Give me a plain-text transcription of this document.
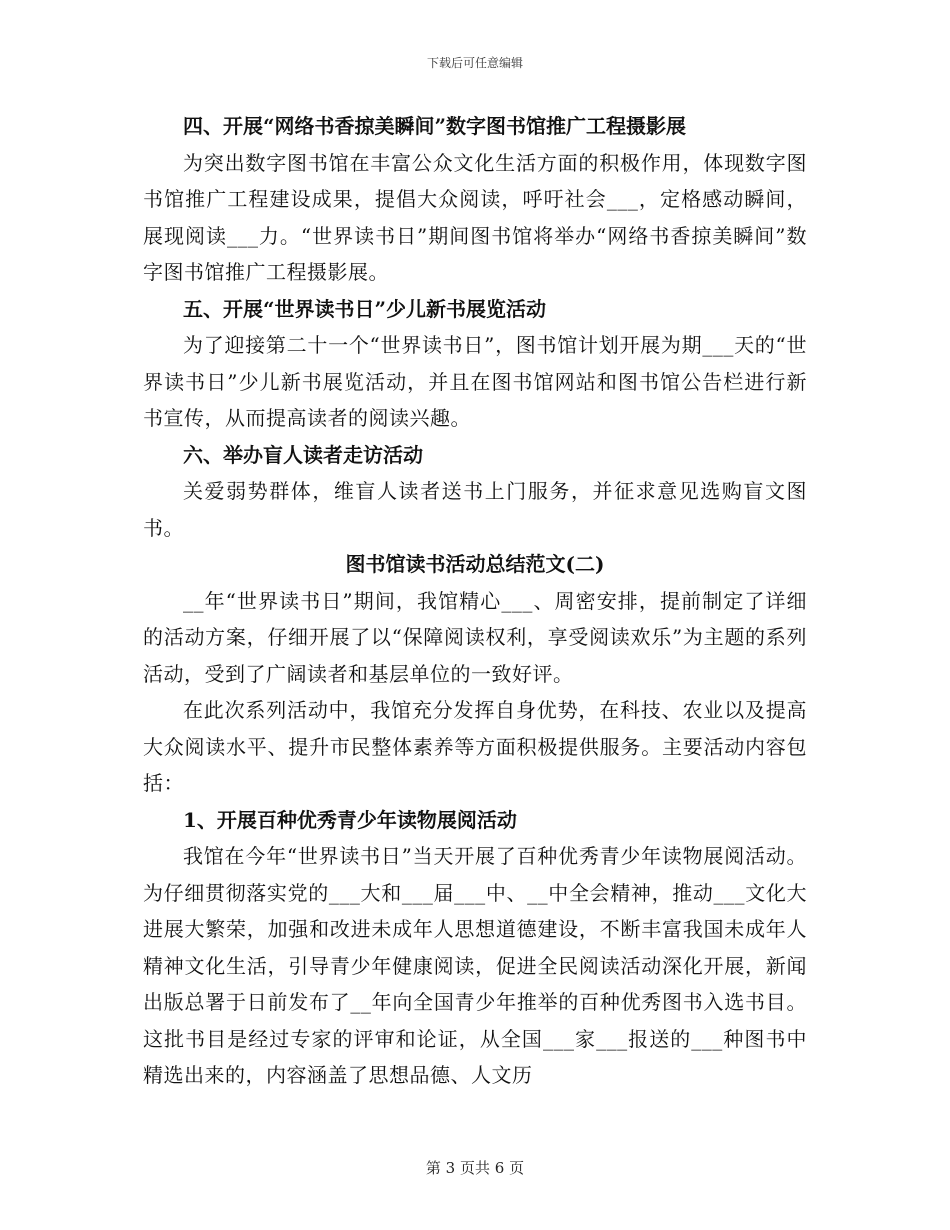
下载后可任意编辑

四、开展“网络书香掠美瞬间”数字图书馆推广工程摄影展

为突出数字图书馆在丰富公众文化生活方面的积极作用，体现数字图书馆推广工程建设成果，提倡大众阅读，呼吁社会___，定格感动瞬间，展现阅读___力。“世界读书日”期间图书馆将举办“网络书香掠美瞬间”数字图书馆推广工程摄影展。

五、开展“世界读书日”少儿新书展览活动

为了迎接第二十一个“世界读书日”，图书馆计划开展为期___天的“世界读书日”少儿新书展览活动，并且在图书馆网站和图书馆公告栏进行新书宣传，从而提高读者的阅读兴趣。

六、举办盲人读者走访活动

关爱弱势群体，维盲人读者送书上门服务，并征求意见选购盲文图书。

图书馆读书活动总结范文(二)

__年“世界读书日”期间，我馆精心___、周密安排，提前制定了详细的活动方案，仔细开展了以“保障阅读权利，享受阅读欢乐”为主题的系列活动，受到了广阔读者和基层单位的一致好评。

在此次系列活动中，我馆充分发挥自身优势，在科技、农业以及提高大众阅读水平、提升市民整体素养等方面积极提供服务。主要活动内容包括：

1、开展百种优秀青少年读物展阅活动

我馆在今年“世界读书日”当天开展了百种优秀青少年读物展阅活动。为仔细贯彻落实党的___大和___届___中、__中全会精神，推动___文化大进展大繁荣，加强和改进未成年人思想道德建设，不断丰富我国未成年人精神文化生活，引导青少年健康阅读，促进全民阅读活动深化开展，新闻出版总署于日前发布了__年向全国青少年推举的百种优秀图书入选书目。这批书目是经过专家的评审和论证，从全国___家___报送的___种图书中精选出来的，内容涵盖了思想品德、人文历

第 3 页共 6 页
